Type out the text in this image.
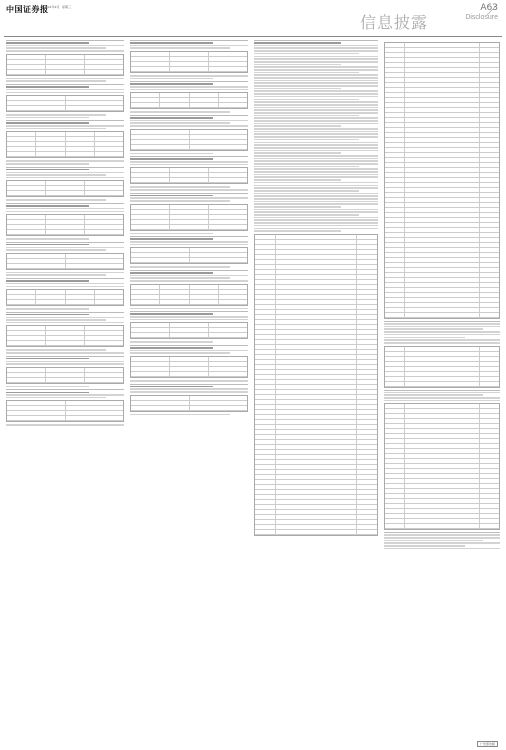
中国证券报
2021年4月 星期三
信息披露
A63
Disclosure
广告部出版
